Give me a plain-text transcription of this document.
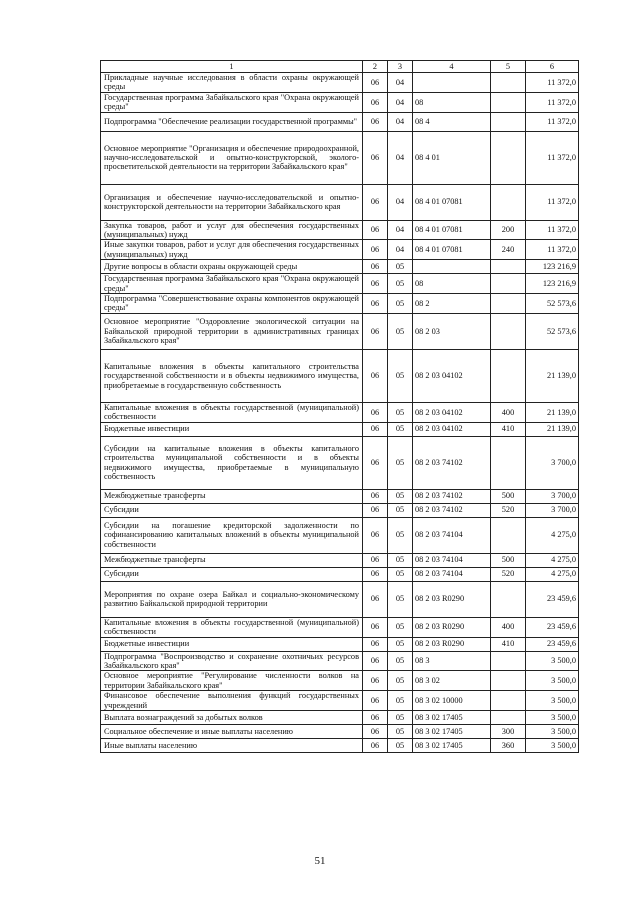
1	2	3	4	5	6
Прикладные научные исследования в области охраны окружающей среды	06	04			11 372,0
Государственная программа Забайкальского края "Охрана окружающей среды"	06	04	08		11 372,0
Подпрограмма "Обеспечение реализации государственной программы"	06	04	08 4		11 372,0
Основное мероприятие "Организация и обеспечение природоохранной, научно-исследовательской и опытно-конструкторской, эколого-просветительской деятельности на территории Забайкальского края"	06	04	08 4 01		11 372,0
Организация и обеспечение научно-исследовательской и опытно-конструкторской деятельности на территории Забайкальского края	06	04	08 4 01 07081		11 372,0
Закупка товаров, работ и услуг для обеспечения государственных (муниципальных) нужд	06	04	08 4 01 07081	200	11 372,0
Иные закупки товаров, работ и услуг для обеспечения государственных (муниципальных) нужд	06	04	08 4 01 07081	240	11 372,0
Другие вопросы в области охраны окружающей среды	06	05			123 216,9
Государственная программа Забайкальского края "Охрана окружающей среды"	06	05	08		123 216,9
Подпрограмма "Совершенствование охраны компонентов окружающей среды"	06	05	08 2		52 573,6
Основное мероприятие "Оздоровление экологической ситуации на Байкальской природной территории в административных границах Забайкальского края"	06	05	08 2 03		52 573,6
Капитальные вложения в объекты капитального строительства государственной собственности и в объекты недвижимого имущества, приобретаемые в государственную собственность	06	05	08 2 03 04102		21 139,0
Капитальные вложения в объекты государственной (муниципальной) собственности	06	05	08 2 03 04102	400	21 139,0
Бюджетные инвестиции	06	05	08 2 03 04102	410	21 139,0
Субсидии на капитальные вложения в объекты капитального строительства муниципальной собственности и в объекты недвижимого имущества, приобретаемые в муниципальную собственность	06	05	08 2 03 74102		3 700,0
Межбюджетные трансферты	06	05	08 2 03 74102	500	3 700,0
Субсидии	06	05	08 2 03 74102	520	3 700,0
Субсидии на погашение кредиторской задолженности по софинансированию капитальных вложений в объекты муниципальной собственности	06	05	08 2 03 74104		4 275,0
Межбюджетные трансферты	06	05	08 2 03 74104	500	4 275,0
Субсидии	06	05	08 2 03 74104	520	4 275,0
Мероприятия по охране озера Байкал и социально-экономическому развитию Байкальской природной территории	06	05	08 2 03 R0290		23 459,6
Капитальные вложения в объекты государственной (муниципальной) собственности	06	05	08 2 03 R0290	400	23 459,6
Бюджетные инвестиции	06	05	08 2 03 R0290	410	23 459,6
Подпрограмма "Воспроизводство и сохранение охотничьих ресурсов Забайкальского края"	06	05	08 3		3 500,0
Основное мероприятие "Регулирование численности волков на территории Забайкальского края"	06	05	08 3 02		3 500,0
Финансовое обеспечение выполнения функций государственных учреждений	06	05	08 3 02 10000		3 500,0
Выплата вознаграждений за добытых волков	06	05	08 3 02 17405		3 500,0
Социальное обеспечение и иные выплаты населению	06	05	08 3 02 17405	300	3 500,0
Иные выплаты населению	06	05	08 3 02 17405	360	3 500,0
51
